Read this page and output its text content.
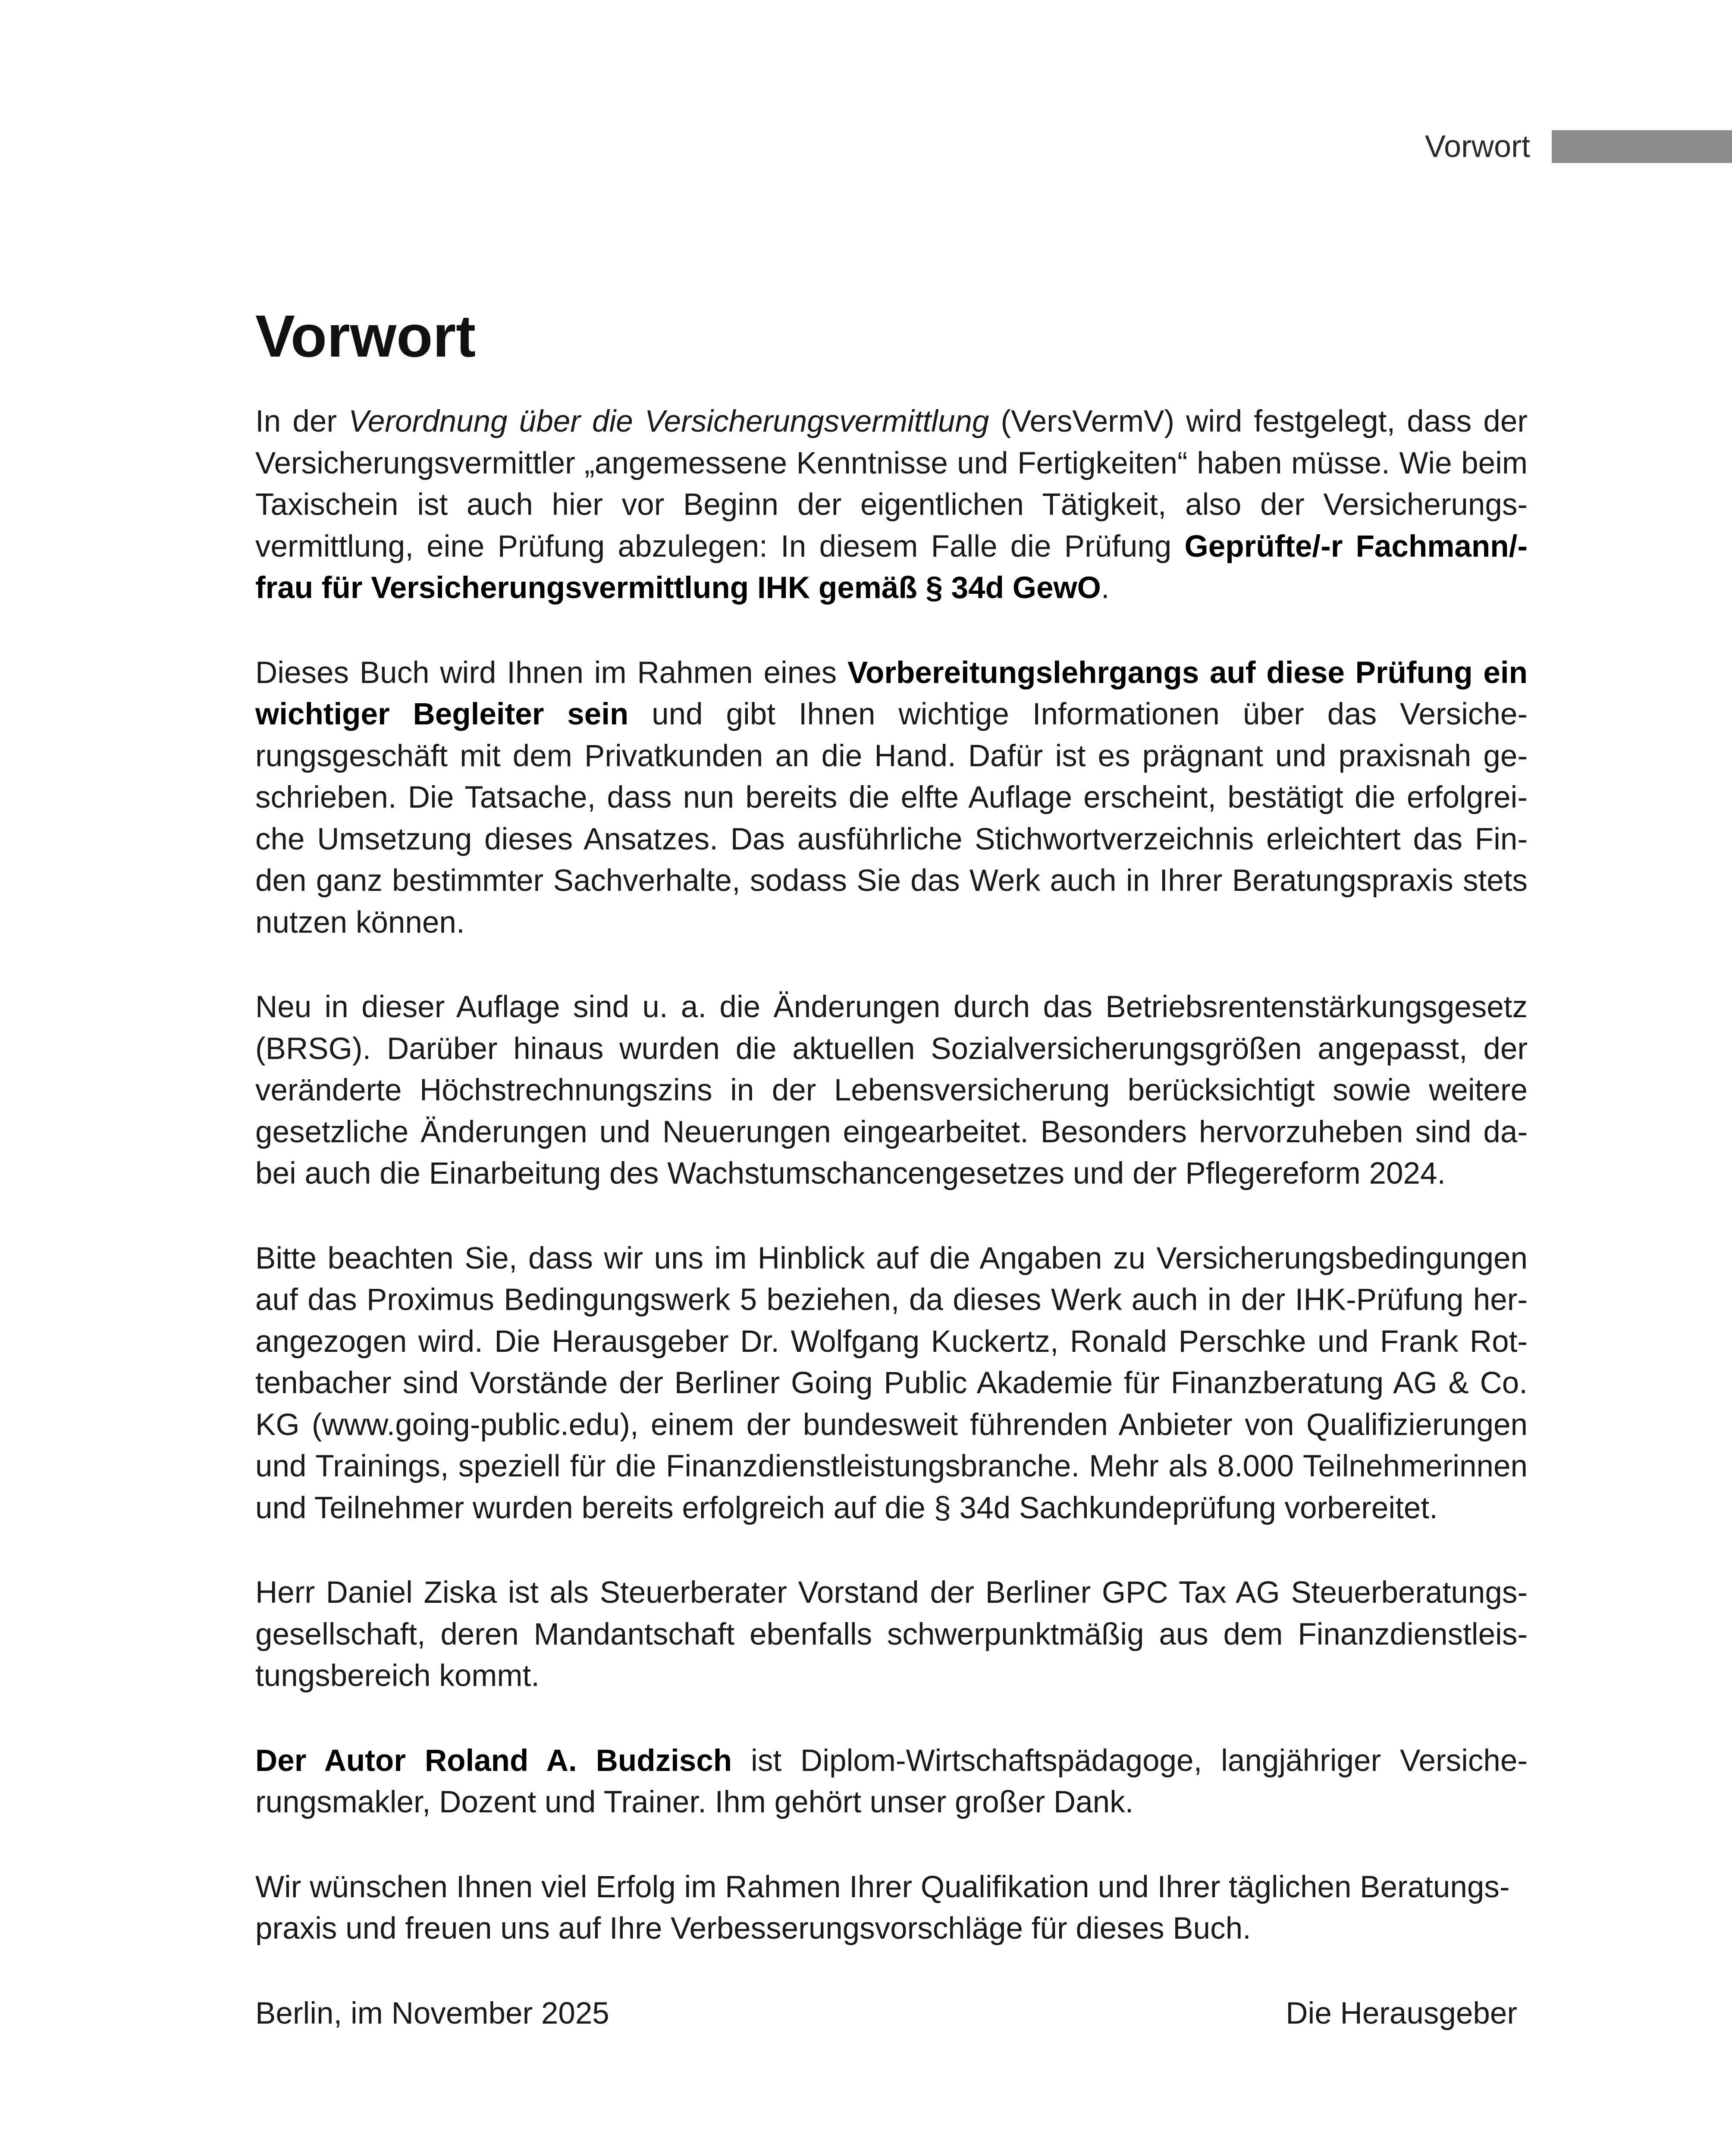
Vorwort
Vorwort

In der Verordnung über die Versicherungsvermittlung (VersVermV) wird festgelegt, dass der Versicherungsvermittler „angemessene Kenntnisse und Fertigkeiten“ haben müsse. Wie beim Taxischein ist auch hier vor Beginn der eigentlichen Tätigkeit, also der Versicherungsvermittlung, eine Prüfung abzulegen: In diesem Falle die Prüfung Geprüfte/-r Fachmann/-frau für Versicherungsvermittlung IHK gemäß § 34d GewO.

Dieses Buch wird Ihnen im Rahmen eines Vorbereitungslehrgangs auf diese Prüfung ein wichtiger Begleiter sein und gibt Ihnen wichtige Informationen über das Versicherungsgeschäft mit dem Privatkunden an die Hand. Dafür ist es prägnant und praxisnah geschrieben. Die Tatsache, dass nun bereits die elfte Auflage erscheint, bestätigt die erfolgreiche Umsetzung dieses Ansatzes. Das ausführliche Stichwortverzeichnis erleichtert das Finden ganz bestimmter Sachverhalte, sodass Sie das Werk auch in Ihrer Beratungspraxis stets nutzen können.

Neu in dieser Auflage sind u. a. die Änderungen durch das Betriebsrentenstärkungsgesetz (BRSG). Darüber hinaus wurden die aktuellen Sozialversicherungsgrößen angepasst, der veränderte Höchstrechnungszins in der Lebensversicherung berücksichtigt sowie weitere gesetzliche Änderungen und Neuerungen eingearbeitet. Besonders hervorzuheben sind dabei auch die Einarbeitung des Wachstumschancengesetzes und der Pflegereform 2024.

Bitte beachten Sie, dass wir uns im Hinblick auf die Angaben zu Versicherungsbedingungen auf das Proximus Bedingungswerk 5 beziehen, da dieses Werk auch in der IHK-Prüfung herangezogen wird. Die Herausgeber Dr. Wolfgang Kuckertz, Ronald Perschke und Frank Rottenbacher sind Vorstände der Berliner Going Public Akademie für Finanzberatung AG & Co. KG (www.going-public.edu), einem der bundesweit führenden Anbieter von Qualifizierungen und Trainings, speziell für die Finanzdienstleistungsbranche. Mehr als 8.000 Teilnehmerinnen und Teilnehmer wurden bereits erfolgreich auf die § 34d Sachkundeprüfung vorbereitet.

Herr Daniel Ziska ist als Steuerberater Vorstand der Berliner GPC Tax AG Steuerberatungsgesellschaft, deren Mandantschaft ebenfalls schwerpunktmäßig aus dem Finanzdienstleistungsbereich kommt.

Der Autor Roland A. Budzisch ist Diplom-Wirtschaftspädagoge, langjähriger Versicherungsmakler, Dozent und Trainer. Ihm gehört unser großer Dank.

Wir wünschen Ihnen viel Erfolg im Rahmen Ihrer Qualifikation und Ihrer täglichen Beratungspraxis und freuen uns auf Ihre Verbesserungsvorschläge für dieses Buch.

Berlin, im November 2025	Die Herausgeber
